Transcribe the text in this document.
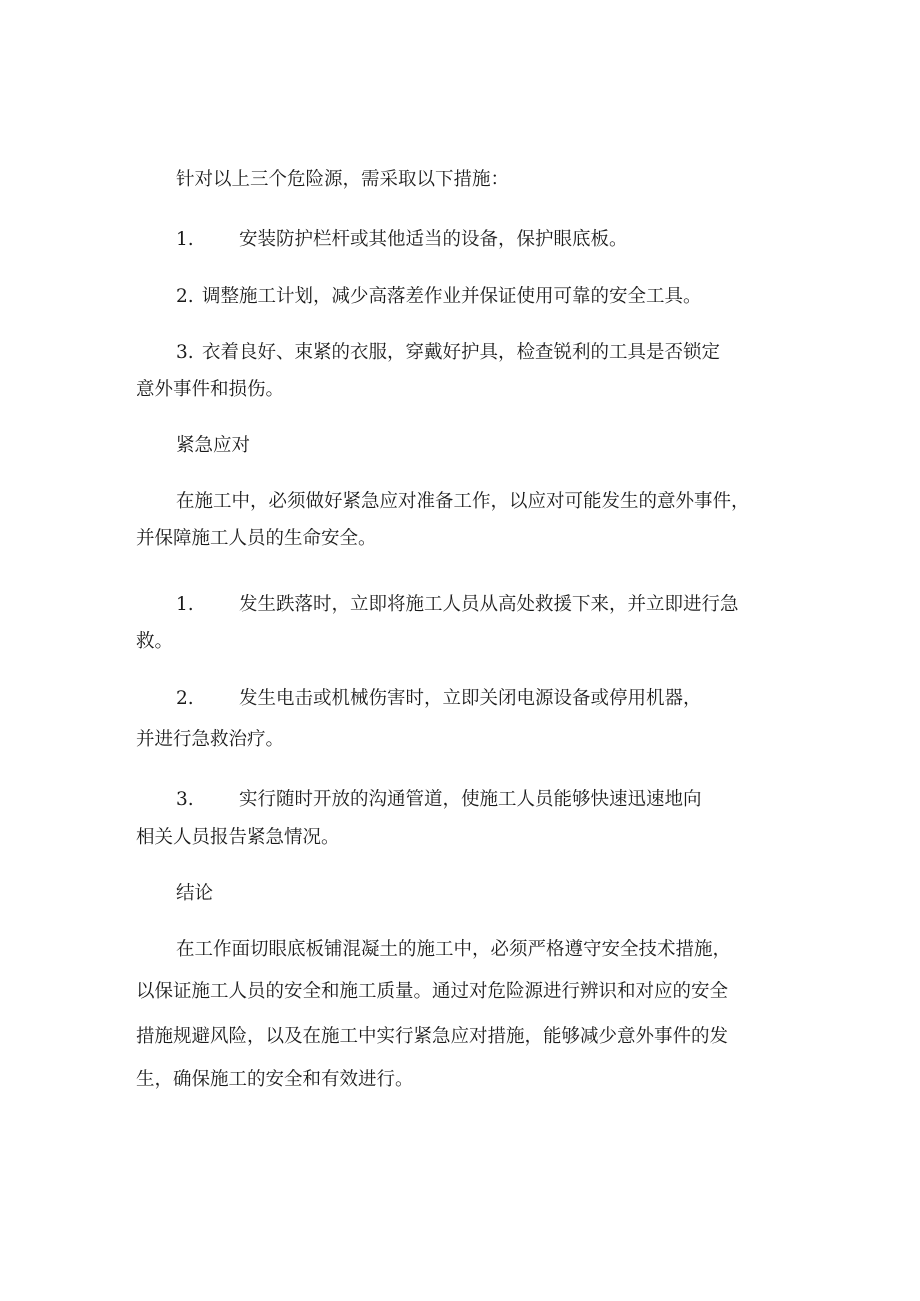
针对以上三个危险源，需采取以下措施：
1. 安装防护栏杆或其他适当的设备，保护眼底板。
2. 调整施工计划，减少高落差作业并保证使用可靠的安全工具。
3. 衣着良好、束紧的衣服，穿戴好护具，检查锐利的工具是否锁定
意外事件和损伤。
紧急应对
在施工中，必须做好紧急应对准备工作，以应对可能发生的意外事件，
并保障施工人员的生命安全。
1. 发生跌落时，立即将施工人员从高处救援下来，并立即进行急
救。
2. 发生电击或机械伤害时，立即关闭电源设备或停用机器，
并进行急救治疗。
3. 实行随时开放的沟通管道，使施工人员能够快速迅速地向
相关人员报告紧急情况。
结论
在工作面切眼底板铺混凝土的施工中，必须严格遵守安全技术措施，
以保证施工人员的安全和施工质量。通过对危险源进行辨识和对应的安全
措施规避风险，以及在施工中实行紧急应对措施，能够减少意外事件的发
生，确保施工的安全和有效进行。
